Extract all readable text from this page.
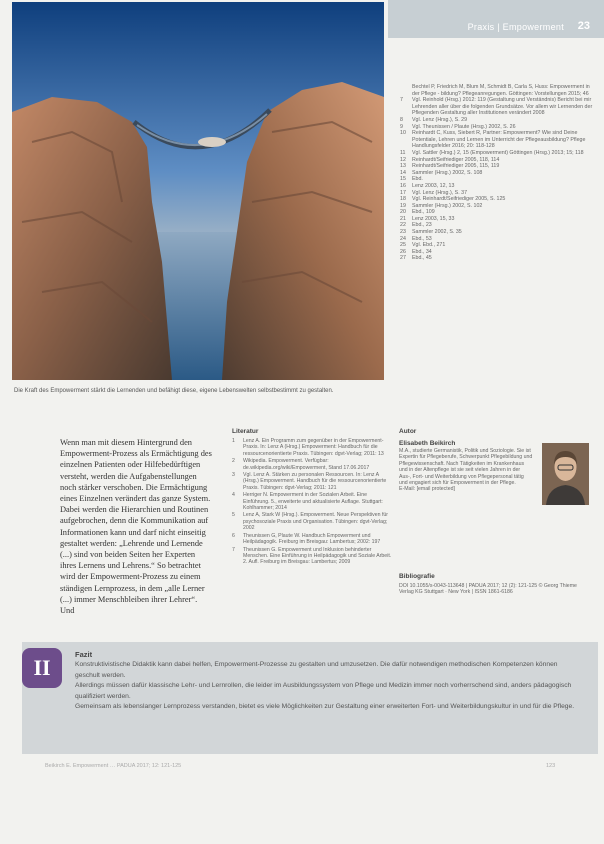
Die Kraft des Empowerment stärkt die Lernenden und befähigt diese, eigene Lebenswelten selbstbestimmt zu gestalten.
Praxis | Empowerment 23
Bechtel P, Friedrich M, Blum M, Schmidt B, Carla S, Huss: Empowerment in der Pflege - bildung? Pflegeanregungen. Göttingen: Vorstellungen 2015; 46
7	Vgl. Reinhold (Hrsg.) 2012: 119 (Gestaltung und Verständnis) Bericht bei mir Lehrenden aller über die folgenden Grundsätze. Vor allem wir Lernenden der Pflegenden Gestaltung aller Institutionen verändert 2008
8	Vgl. Lenz (Hrsg.), S. 29
9	Vgl. Theunissen / Plaute (Hrsg.) 2002, S. 26
10	Reinhardt C, Kuss, Siebert R, Partner: Empowerment? Wie sind Deine Potentiale, Lehren und Lernen im Unterricht der Pflegeausbildung? Pflege Handlungsfelder 2016; 20: 118-128
11	Vgl. Sattler (Hrsg.) 2, 15 (Empowerment) Göttingen (Hrsg.) 2013; 15; 118
12	Reinhardt/Seifriediger 2005, 118, 114
13	Reinhardt/Seifriediger 2005, 115, 119
14	Sammler (Hrsg.) 2002, S. 108
15	Ebd.
16	Lenz 2003, 12, 13
17	Vgl. Lenz (Hrsg.), S. 37
18	Vgl. Reinhardt/Seifriediger 2005, S. 125
19	Sammler (Hrsg.) 2002, S. 102
20	Ebd., 109
21	Lenz 2003, 15, 33
22	Ebd., 23
23	Sammler 2002, S. 35
24	Ebd., 53
25	Vgl. Ebd., 271
26	Ebd., 34
27	Ebd., 45
Wenn man mit diesem Hintergrund den Empowerment-Prozess als Ermächtigung des einzelnen Patienten oder Hilfebedürftigen versteht, werden die Aufgabenstellungen noch stärker verschoben. Die Ermächtigung eines Einzelnen verändert das ganze System. Dabei werden die Hierarchien und Routinen aufgebrochen, denn die Kommunikation auf Informationen kann und darf nicht einseitig gestaltet werden: „Lehrende und Lernende (...) sind von beiden Seiten her Experten ihres Lernens und Lehrens.“ So betrachtet wird der Empowerment-Prozess zu einem ständigen Lernprozess, in dem „alle Lerner (...) immer Menschbleiben ihrer Lehrer“. Und
Literatur
1	Lenz A. Ein Programm zum gegenüber in der Empowerment-Praxis. In: Lenz A (Hrsg.) Empowerment: Handbuch für die ressourcenorientierte Praxis. Tübingen: dgvt-Verlag; 2011: 13
2	Wikipedia. Empowerment. Verfügbar: de.wikipedia.org/wiki/Empowerment, Stand 17.06.2017
3	Vgl. Lenz A. Stärken zu personalen Ressourcen. In: Lenz A (Hrsg.) Empowerment. Handbuch für die ressourcenorientierte Praxis. Tübingen: dgvt-Verlag; 2011: 121
4	Herriger N. Empowerment in der Sozialen Arbeit. Eine Einführung. 5., erweiterte und aktualisierte Auflage. Stuttgart: Kohlhammer; 2014
5	Lenz A, Stark W (Hrsg.). Empowerment. Neue Perspektiven für psychosoziale Praxis und Organisation. Tübingen: dgvt-Verlag; 2002
6	Theunissen G, Plaute W. Handbuch Empowerment und Heilpädagogik. Freiburg im Breisgau: Lambertus; 2002: 197
7	Theunissen G. Empowerment und Inklusion behinderter Menschen. Eine Einführung in Heilpädagogik und Soziale Arbeit. 2. Aufl. Freiburg im Breisgau: Lambertus; 2009
Autor
Elisabeth Beikirch
M.A., studierte Germanistik, Politik und Soziologie. Sie ist Expertin für Pflegeberufe, Schwerpunkt Pflegebildung und Pflegewissenschaft. Nach Tätigkeiten im Krankenhaus und in der Altenpflege ist sie seit vielen Jahren in der Aus-, Fort- und Weiterbildung von Pflegepersonal tätig und engagiert sich für Empowerment in der Pflege.
E-Mail: [email protected]
Bibliografie
DOI 10.1055/s-0043-113648 | PADUA 2017; 12 (2): 121-125 © Georg Thieme Verlag KG Stuttgart · New York | ISSN 1861-6186
II
Fazit
Konstruktivistische Didaktik kann dabei helfen, Empowerment-Prozesse zu gestalten und umzusetzen. Die dafür notwendigen methodischen Kompetenzen können geschult werden.
Allerdings müssen dafür klassische Lehr- und Lernrollen, die leider im Ausbildungssystem von Pflege und Medizin immer noch vorherrschend sind, anders pädagogisch qualifiziert werden.
Gemeinsam als lebenslanger Lernprozess verstanden, bietet es viele Möglichkeiten zur Gestaltung einer erweiterten Fort- und Weiterbildungskultur in und für die Pflege.
Beikirch E. Empowerment … PADUA 2017; 12: 121-125	123
